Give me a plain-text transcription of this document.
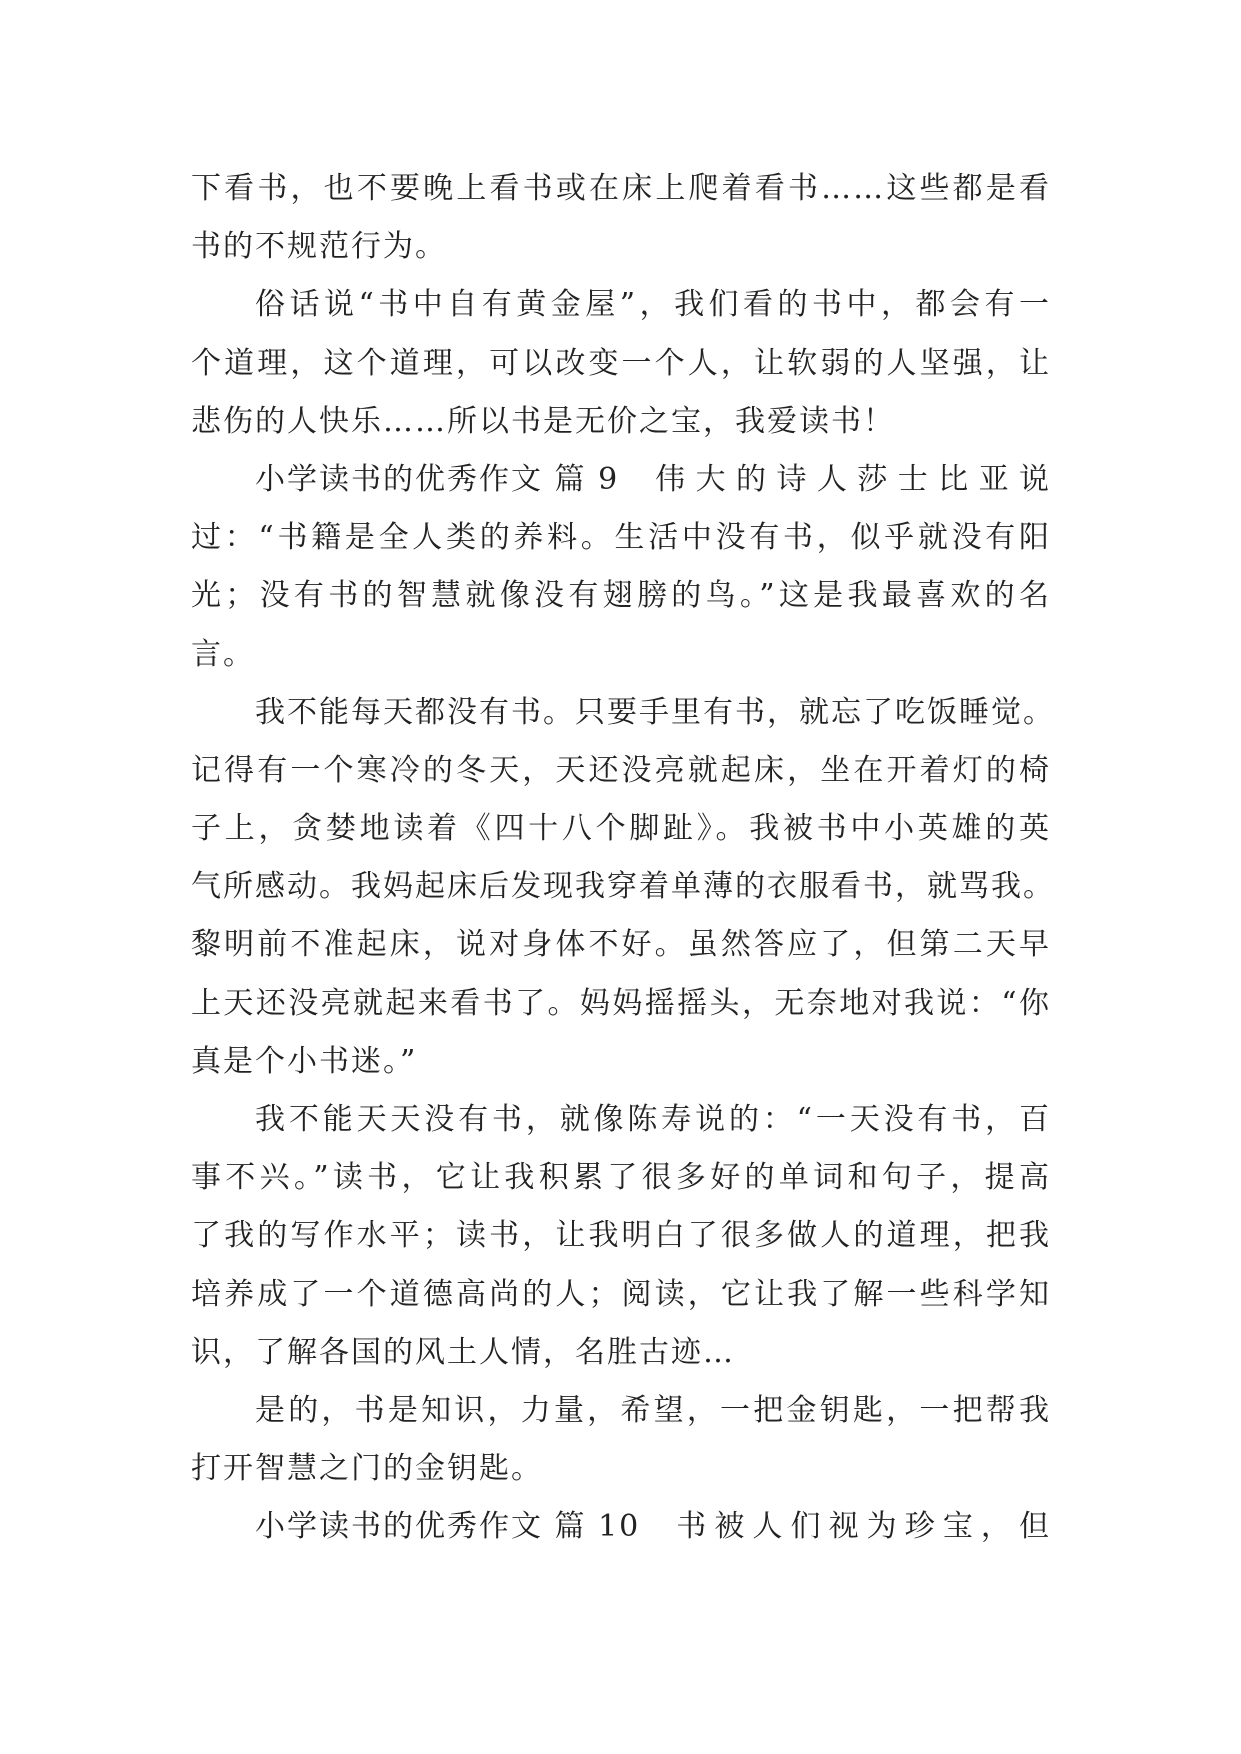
下看书，也不要晚上看书或在床上爬着看书……这些都是看
书的不规范行为。
俗话说“书中自有黄金屋”，我们看的书中，都会有一
个道理，这个道理，可以改变一个人，让软弱的人坚强，让
悲伤的人快乐……所以书是无价之宝，我爱读书！
小学读书的优秀作文 篇 9	伟大的诗人莎士比亚说
过：“书籍是全人类的养料。生活中没有书，似乎就没有阳
光；没有书的智慧就像没有翅膀的鸟。”这是我最喜欢的名
言。
我不能每天都没有书。只要手里有书，就忘了吃饭睡觉。
记得有一个寒冷的冬天，天还没亮就起床，坐在开着灯的椅
子上，贪婪地读着《四十八个脚趾》。我被书中小英雄的英
气所感动。我妈起床后发现我穿着单薄的衣服看书，就骂我。
黎明前不准起床，说对身体不好。虽然答应了，但第二天早
上天还没亮就起来看书了。妈妈摇摇头，无奈地对我说：“你
真是个小书迷。”
我不能天天没有书，就像陈寿说的：“一天没有书，百
事不兴。”读书，它让我积累了很多好的单词和句子，提高
了我的写作水平；读书，让我明白了很多做人的道理，把我
培养成了一个道德高尚的人；阅读，它让我了解一些科学知
识，了解各国的风土人情，名胜古迹…
是的，书是知识，力量，希望，一把金钥匙，一把帮我
打开智慧之门的金钥匙。
小学读书的优秀作文 篇 10	书被人们视为珍宝，但
